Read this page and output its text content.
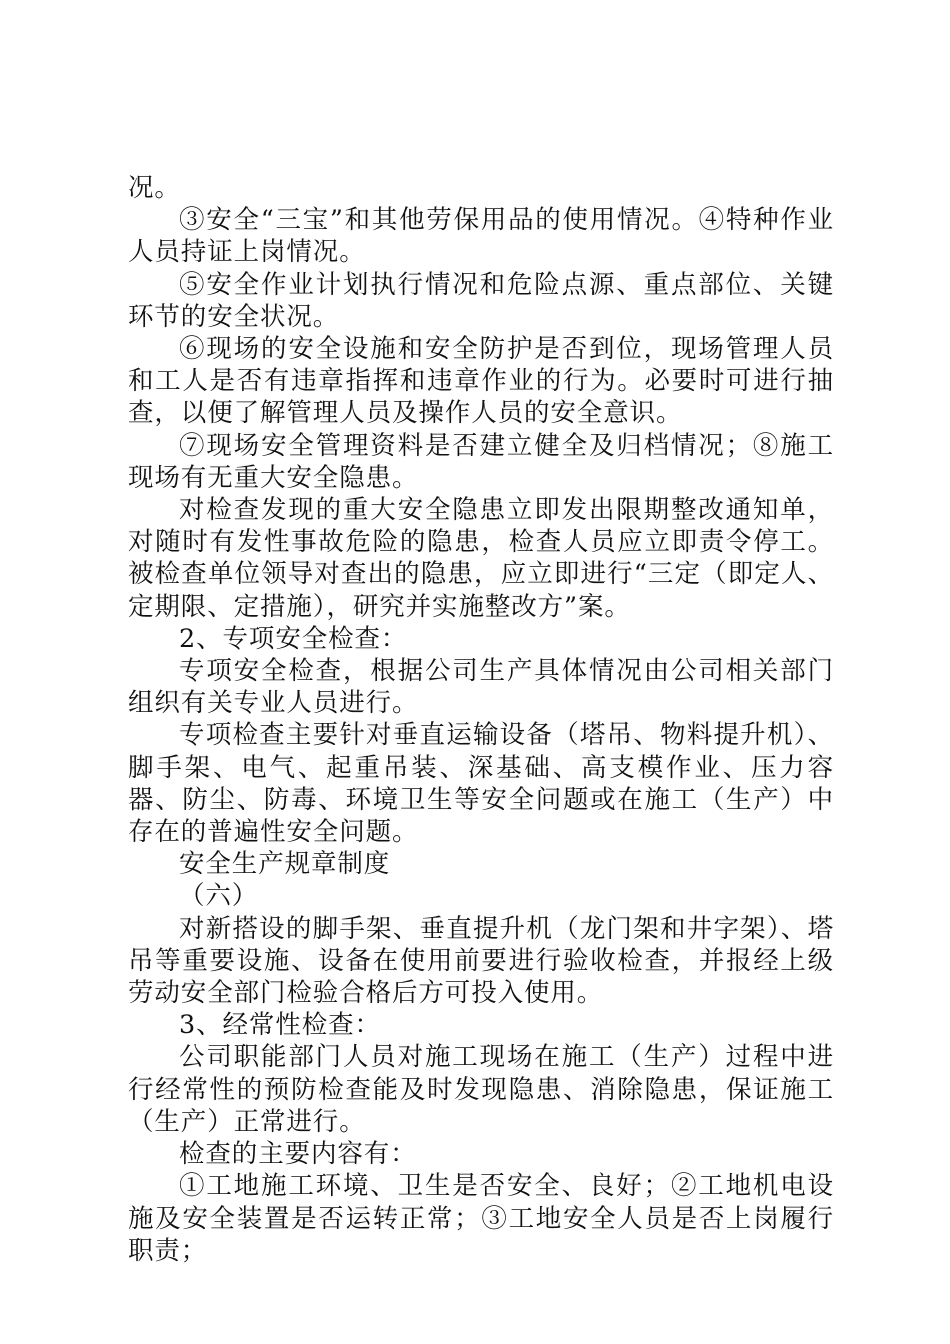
况。

③安全“三宝”和其他劳保用品的使用情况。④特种作业人员持证上岗情况。

⑤安全作业计划执行情况和危险点源、重点部位、关键环节的安全状况。

⑥现场的安全设施和安全防护是否到位，现场管理人员和工人是否有违章指挥和违章作业的行为。必要时可进行抽查，以便了解管理人员及操作人员的安全意识。

⑦现场安全管理资料是否建立健全及归档情况；⑧施工现场有无重大安全隐患。

对检查发现的重大安全隐患立即发出限期整改通知单，对随时有发性事故危险的隐患，检查人员应立即责令停工。被检查单位领导对查出的隐患，应立即进行“三定（即定人、定期限、定措施），研究并实施整改方”案。

2、专项安全检查：

专项安全检查，根据公司生产具体情况由公司相关部门组织有关专业人员进行。

专项检查主要针对垂直运输设备（塔吊、物料提升机）、脚手架、电气、起重吊装、深基础、高支模作业、压力容器、防尘、防毒、环境卫生等安全问题或在施工（生产）中存在的普遍性安全问题。

安全生产规章制度

（六）

对新搭设的脚手架、垂直提升机（龙门架和井字架）、塔吊等重要设施、设备在使用前要进行验收检查，并报经上级劳动安全部门检验合格后方可投入使用。

3、经常性检查：

公司职能部门人员对施工现场在施工（生产）过程中进行经常性的预防检查能及时发现隐患、消除隐患，保证施工（生产）正常进行。

检查的主要内容有：

①工地施工环境、卫生是否安全、良好；②工地机电设施及安全装置是否运转正常；③工地安全人员是否上岗履行职责；
